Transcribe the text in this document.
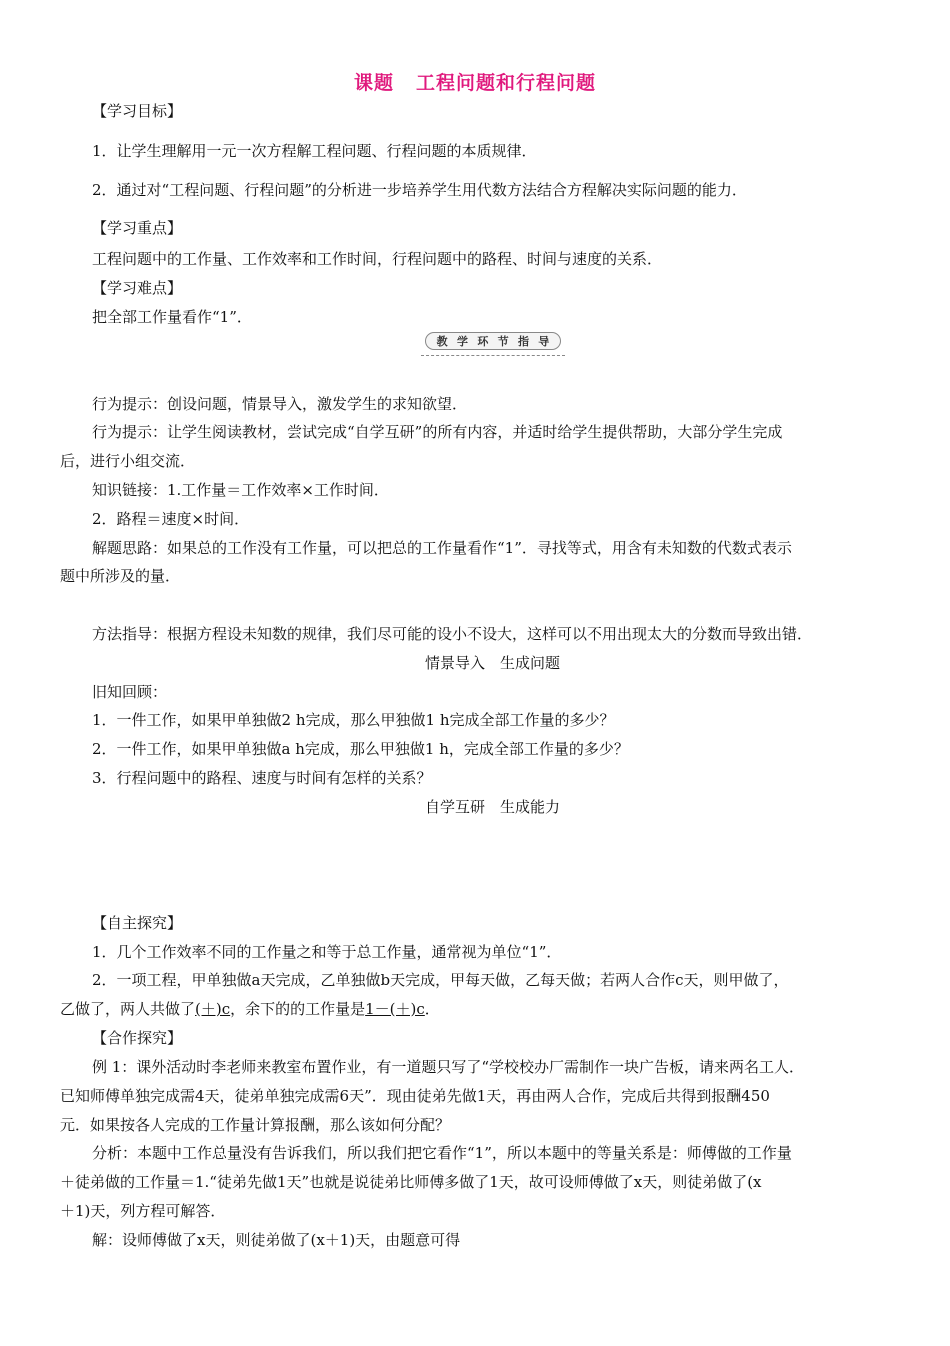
课题 工程问题和行程问题
【学习目标】
1．让学生理解用一元一次方程解工程问题、行程问题的本质规律．
2．通过对“工程问题、行程问题”的分析进一步培养学生用代数方法结合方程解决实际问题的能力．
【学习重点】
工程问题中的工作量、工作效率和工作时间，行程问题中的路程、时间与速度的关系．
【学习难点】
把全部工作量看作“1”．
教 学 环 节 指 导
行为提示：创设问题，情景导入，激发学生的求知欲望．
行为提示：让学生阅读教材，尝试完成“自学互研”的所有内容，并适时给学生提供帮助，大部分学生完成
后，进行小组交流．
知识链接：1.工作量＝工作效率×工作时间．
2．路程＝速度×时间．
解题思路：如果总的工作没有工作量，可以把总的工作量看作“1”．寻找等式，用含有未知数的代数式表示
题中所涉及的量．
方法指导：根据方程设未知数的规律，我们尽可能的设小不设大，这样可以不用出现太大的分数而导致出错．
情景导入　生成问题
旧知回顾：
1．一件工作，如果甲单独做2 h完成，那么甲独做1 h完成全部工作量的多少？
2．一件工作，如果甲单独做a h完成，那么甲独做1 h，完成全部工作量的多少？
3．行程问题中的路程、速度与时间有怎样的关系？
自学互研　生成能力
【自主探究】
1．几个工作效率不同的工作量之和等于总工作量，通常视为单位“1”．
2．一项工程，甲单独做a天完成，乙单独做b天完成，甲每天做，乙每天做；若两人合作c天，则甲做了，
乙做了，两人共做了(＋)c，余下的的工作量是1－(＋)c．
【合作探究】
例 1：课外活动时李老师来教室布置作业，有一道题只写了“学校校办厂需制作一块广告板，请来两名工人．
已知师傅单独完成需4天，徒弟单独完成需6天”．现由徒弟先做1天，再由两人合作，完成后共得到报酬450
元．如果按各人完成的工作量计算报酬，那么该如何分配？
分析：本题中工作总量没有告诉我们，所以我们把它看作“1”，所以本题中的等量关系是：师傅做的工作量
＋徒弟做的工作量＝1.“徒弟先做1天”也就是说徒弟比师傅多做了1天，故可设师傅做了x天，则徒弟做了(x
＋1)天，列方程可解答．
解：设师傅做了x天，则徒弟做了(x＋1)天，由题意可得
